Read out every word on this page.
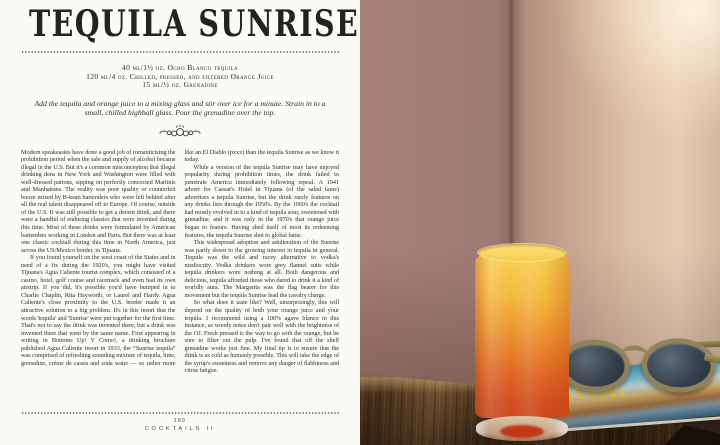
TEQUILA SUNRISE
40 ml/1½ oz. Ocho Blanco tequila
120 ml/4 oz. Chilled, pressed, and filtered Orange Juice
15 ml/½ oz. Grenadine
Add the tequila and orange juice to a mixing glass and stir over ice for a minute. Strain in to a small, chilled highball glass. Pour the grenadine over the top.

Modern speakeasies have done a good job of romanticising the prohibition period when the sale and supply of alcohol became illegal in the U.S. But it's a common misconception that illegal drinking dens in New York and Washington were filled with well-dressed patrons, sipping on perfectly concocted Martinis and Manhattans. The reality was poor quality or counterfeit booze mixed by B-team bartenders who were left behind after all the real talent disappeared off to Europe. Of course, outside of the U.S. It was still possible to get a decent drink, and there were a handful of enduring classics that were invented during this time. Most of these drinks were formulated by American bartenders working in London and Paris. But there was at least one classic cocktail during this time in North America, just across the US/Mexico border, in Tijuana.

If you found yourself on the west coast of the States and in need of a fix during the 1920's, you might have visited Tijuana's Agua Caliente tourist complex, which consisted of a casino, hotel, golf course and racetrack and even had its own airstrip. If you did, it's possible you'd have bumped in to Charlie Chaplin, Rita Hayworth, or Laurel and Hardy. Agua Caliente's close proximity to the U.S. border made it an attractive solution to a big problem. It's in this resort that the words 'tequila' and 'Sunrise' were put together for the first time. That's not to say the drink was invented there, but a drink was invented there that went by the same name. First appearing in writing in Bottoms Up! Y Como!, a drinking brochure published Agua Caliente resort in 1933, the “Sunrise tequila” was comprised of refreshing sounding mixture of tequila, lime, grenadine, crème de cassis and soda water — so rather more like an El Diablo (pxxx) than the tequila Sunrise as we know it today.

While a version of the tequila Sunrise may have enjoyed popularity during prohibition times, the drink failed to penetrate America immediately following repeal. A 1941 advert for Caesar's Hotel in Tijuana (of the salad fame) advertises a tequila Sunrise, but the drink rarely features on any drinks lists through the 1950's. By the 1960's the cocktail had mostly evolved in to a kind of tequila sour, sweetened with grenadine, and it was only in the 1970's that orange juice began to feature. Having shed itself of most its redeeming features, the tequila Sunrise shot to global fame.

This widespread adoption and adulteration of the Sunrise was partly down to the growing interest in tequila in general. Tequila was the wild and racey alternative to vodka's mediocrity. Vodka drinkers wore grey flannel suits while tequila drinkers wore nothing at all. Both dangerous and delicious, tequila afforded those who dared to drink it a kind of worldly aura. The Margarita was the flag bearer for this movement but the tequila Sunrise lead the cavalry charge.

So what does it taste like? Well, unsurprisingly, this will depend on the quality of both your orange juice and your tequila. I recommend using a 100% agave blanco in this instance, as woody notes don't pair well with the brightness of the OJ. Fresh pressed is the way to go with the orange, but be sure to filter out the pulp. I've found that off the shelf grenadine works just fine. My final tip is to ensure that the drink is as cold as humanly possible. This will take the edge of the syrup's sweetness and remove any danger of flabbiness and citrus fatigue.

180
COCKTAILS II
